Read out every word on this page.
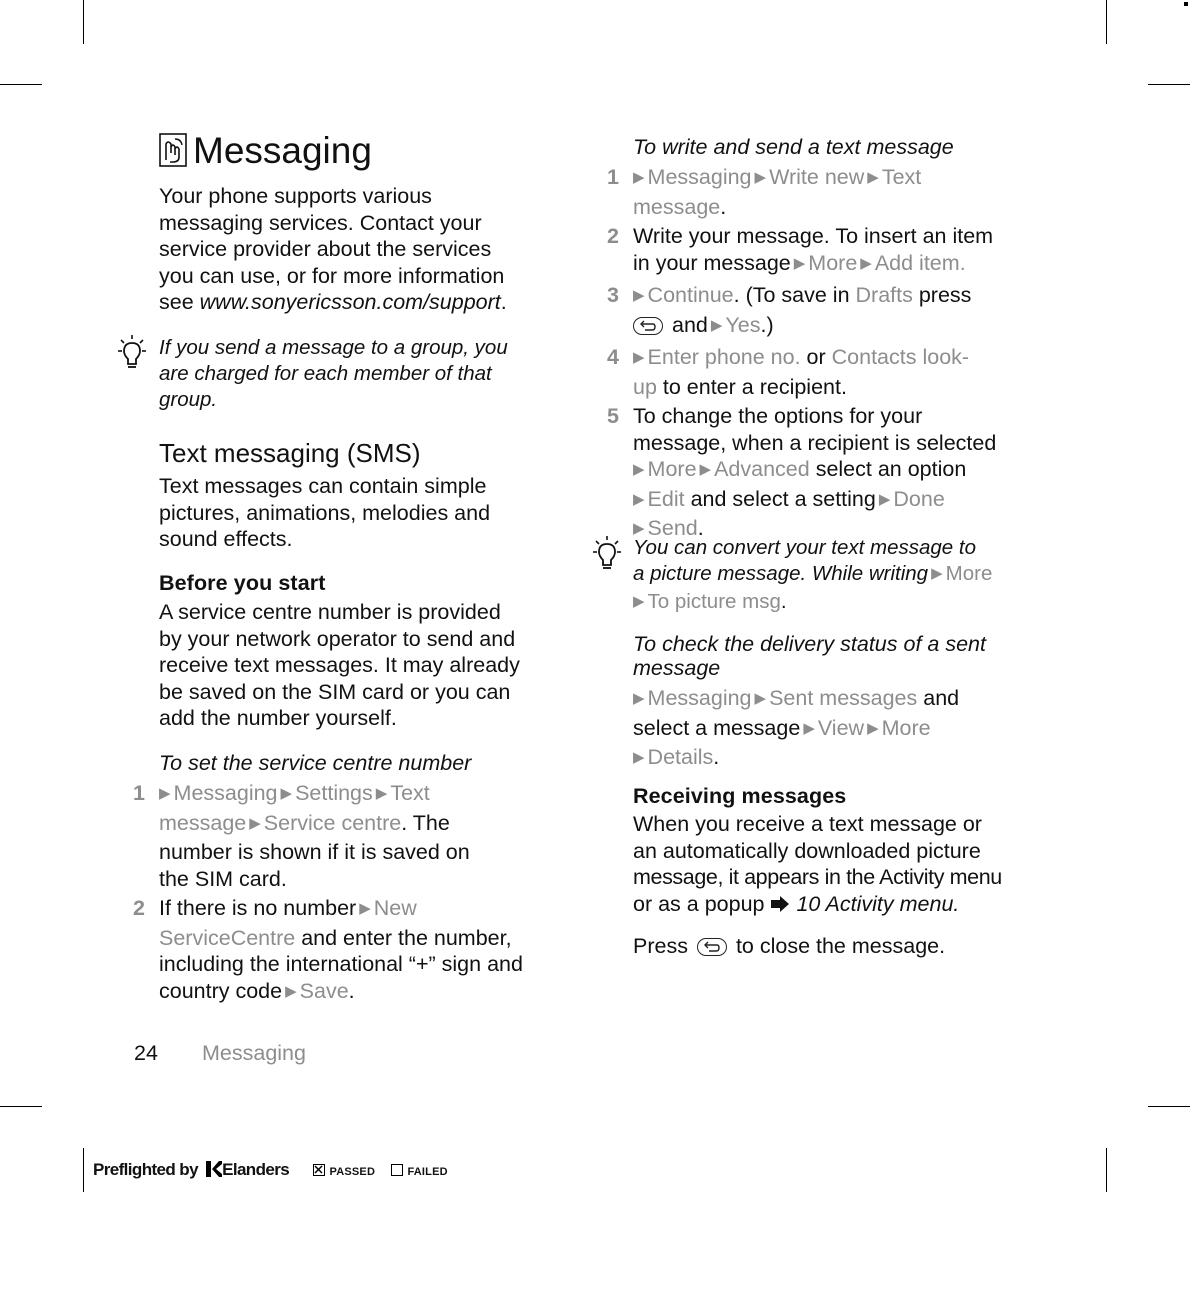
Messaging
Your phone supports various
messaging services. Contact your
service provider about the services
you can use, or for more information
see www.sonyericsson.com/support.
If you send a message to a group, you
are charged for each member of that
group.
Text messaging (SMS)
Text messages can contain simple
pictures, animations, melodies and
sound effects.
Before you start
A service centre number is provided
by your network operator to send and
receive text messages. It may already
be saved on the SIM card or you can
add the number yourself.
To set the service centre number
1 ▶ Messaging ▶ Settings ▶ Text
message ▶ Service centre. The
number is shown if it is saved on
the SIM card.
2 If there is no number ▶ New
ServiceCentre and enter the number,
including the international “+” sign and
country code ▶ Save.
To write and send a text message
1 ▶ Messaging ▶ Write new ▶ Text
message.
2 Write your message. To insert an item
in your message ▶ More ▶ Add item.
3 ▶ Continue. (To save in Drafts press
and ▶ Yes.)
4 ▶ Enter phone no. or Contacts look-
up to enter a recipient.
5 To change the options for your
message, when a recipient is selected
▶ More ▶ Advanced select an option
▶ Edit and select a setting ▶ Done
▶ Send.
You can convert your text message to
a picture message. While writing ▶ More
▶ To picture msg.
To check the delivery status of a sent
message
▶ Messaging ▶ Sent messages and
select a message ▶ View ▶ More
▶ Details.
Receiving messages
When you receive a text message or
an automatically downloaded picture
message, it appears in the Activity menu
or as a popup 10 Activity menu.
Press to close the message.
24 Messaging
Preflighted by Elanders	PASSED	FAILED
